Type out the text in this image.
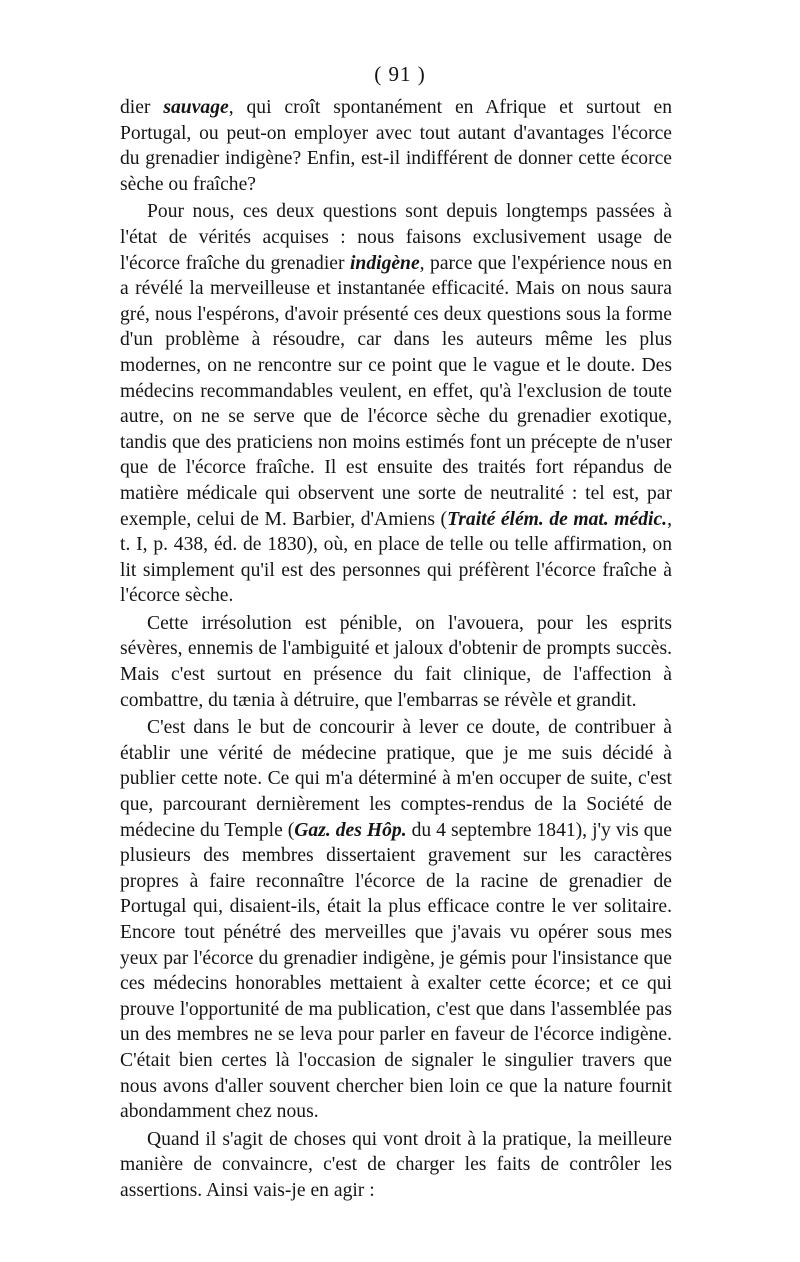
( 91 )

dier sauvage, qui croît spontanément en Afrique et surtout en Portugal, ou peut-on employer avec tout autant d'avantages l'écorce du grenadier indigène? Enfin, est-il indifférent de donner cette écorce sèche ou fraîche?

Pour nous, ces deux questions sont depuis longtemps passées à l'état de vérités acquises : nous faisons exclusivement usage de l'écorce fraîche du grenadier indigène, parce que l'expérience nous en a révélé la merveilleuse et instantanée efficacité. Mais on nous saura gré, nous l'espérons, d'avoir présenté ces deux questions sous la forme d'un problème à résoudre, car dans les auteurs même les plus modernes, on ne rencontre sur ce point que le vague et le doute. Des médecins recommandables veulent, en effet, qu'à l'exclusion de toute autre, on ne se serve que de l'écorce sèche du grenadier exotique, tandis que des praticiens non moins estimés font un précepte de n'user que de l'écorce fraîche. Il est ensuite des traités fort répandus de matière médicale qui observent une sorte de neutralité : tel est, par exemple, celui de M. Barbier, d'Amiens (Traité élém. de mat. médic., t. I, p. 438, éd. de 1830), où, en place de telle ou telle affirmation, on lit simplement qu'il est des personnes qui préfèrent l'écorce fraîche à l'écorce sèche.

Cette irrésolution est pénible, on l'avouera, pour les esprits sévères, ennemis de l'ambiguité et jaloux d'obtenir de prompts succès. Mais c'est surtout en présence du fait clinique, de l'affection à combattre, du tænia à détruire, que l'embarras se révèle et grandit.

C'est dans le but de concourir à lever ce doute, de contribuer à établir une vérité de médecine pratique, que je me suis décidé à publier cette note. Ce qui m'a déterminé à m'en occuper de suite, c'est que, parcourant dernièrement les comptes-rendus de la Société de médecine du Temple (Gaz. des Hôp. du 4 septembre 1841), j'y vis que plusieurs des membres dissertaient gravement sur les caractères propres à faire reconnaître l'écorce de la racine de grenadier de Portugal qui, disaient-ils, était la plus efficace contre le ver solitaire. Encore tout pénétré des merveilles que j'avais vu opérer sous mes yeux par l'écorce du grenadier indigène, je gémis pour l'insistance que ces médecins honorables mettaient à exalter cette écorce; et ce qui prouve l'opportunité de ma publication, c'est que dans l'assemblée pas un des membres ne se leva pour parler en faveur de l'écorce indigène. C'était bien certes là l'occasion de signaler le singulier travers que nous avons d'aller souvent chercher bien loin ce que la nature fournit abondamment chez nous.

Quand il s'agit de choses qui vont droit à la pratique, la meilleure manière de convaincre, c'est de charger les faits de contrôler les assertions. Ainsi vais-je en agir :
